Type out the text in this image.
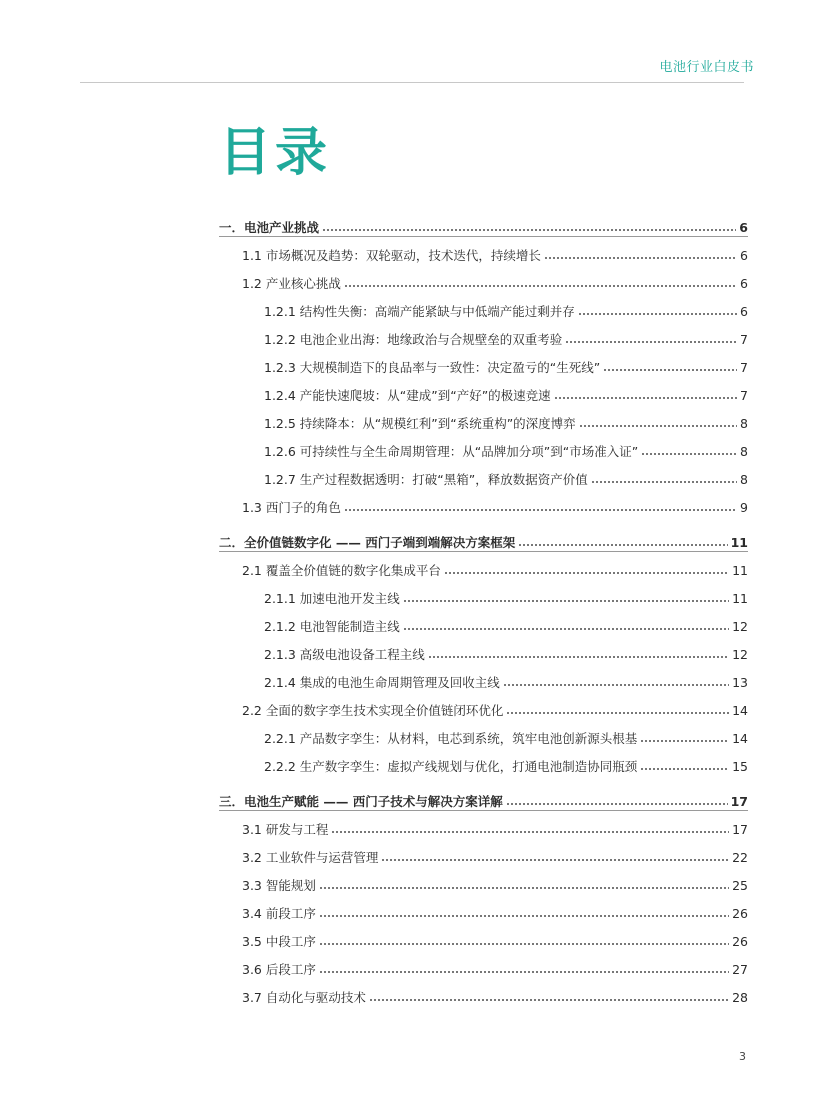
电池行业白皮书
目录
一．电池产业挑战	6
1.1 市场概况及趋势：双轮驱动，技术迭代，持续增长	6
1.2 产业核心挑战	6
1.2.1 结构性失衡：高端产能紧缺与中低端产能过剩并存	6
1.2.2 电池企业出海：地缘政治与合规壁垒的双重考验	7
1.2.3 大规模制造下的良品率与一致性：决定盈亏的“生死线”	7
1.2.4 产能快速爬坡：从“建成”到“产好”的极速竞速	7
1.2.5 持续降本：从“规模红利”到“系统重构”的深度博弈	8
1.2.6 可持续性与全生命周期管理：从“品牌加分项”到“市场准入证”	8
1.2.7 生产过程数据透明：打破“黑箱”，释放数据资产价值	8
1.3 西门子的角色	9
二．全价值链数字化 —— 西门子端到端解决方案框架	11
2.1 覆盖全价值链的数字化集成平台	11
2.1.1 加速电池开发主线	11
2.1.2 电池智能制造主线	12
2.1.3 高级电池设备工程主线	12
2.1.4 集成的电池生命周期管理及回收主线	13
2.2 全面的数字孪生技术实现全价值链闭环优化	14
2.2.1 产品数字孪生：从材料，电芯到系统，筑牢电池创新源头根基	14
2.2.2 生产数字孪生：虚拟产线规划与优化，打通电池制造协同瓶颈	15
三．电池生产赋能 —— 西门子技术与解决方案详解	17
3.1 研发与工程	17
3.2 工业软件与运营管理	22
3.3 智能规划	25
3.4 前段工序	26
3.5 中段工序	26
3.6 后段工序	27
3.7 自动化与驱动技术	28
3
